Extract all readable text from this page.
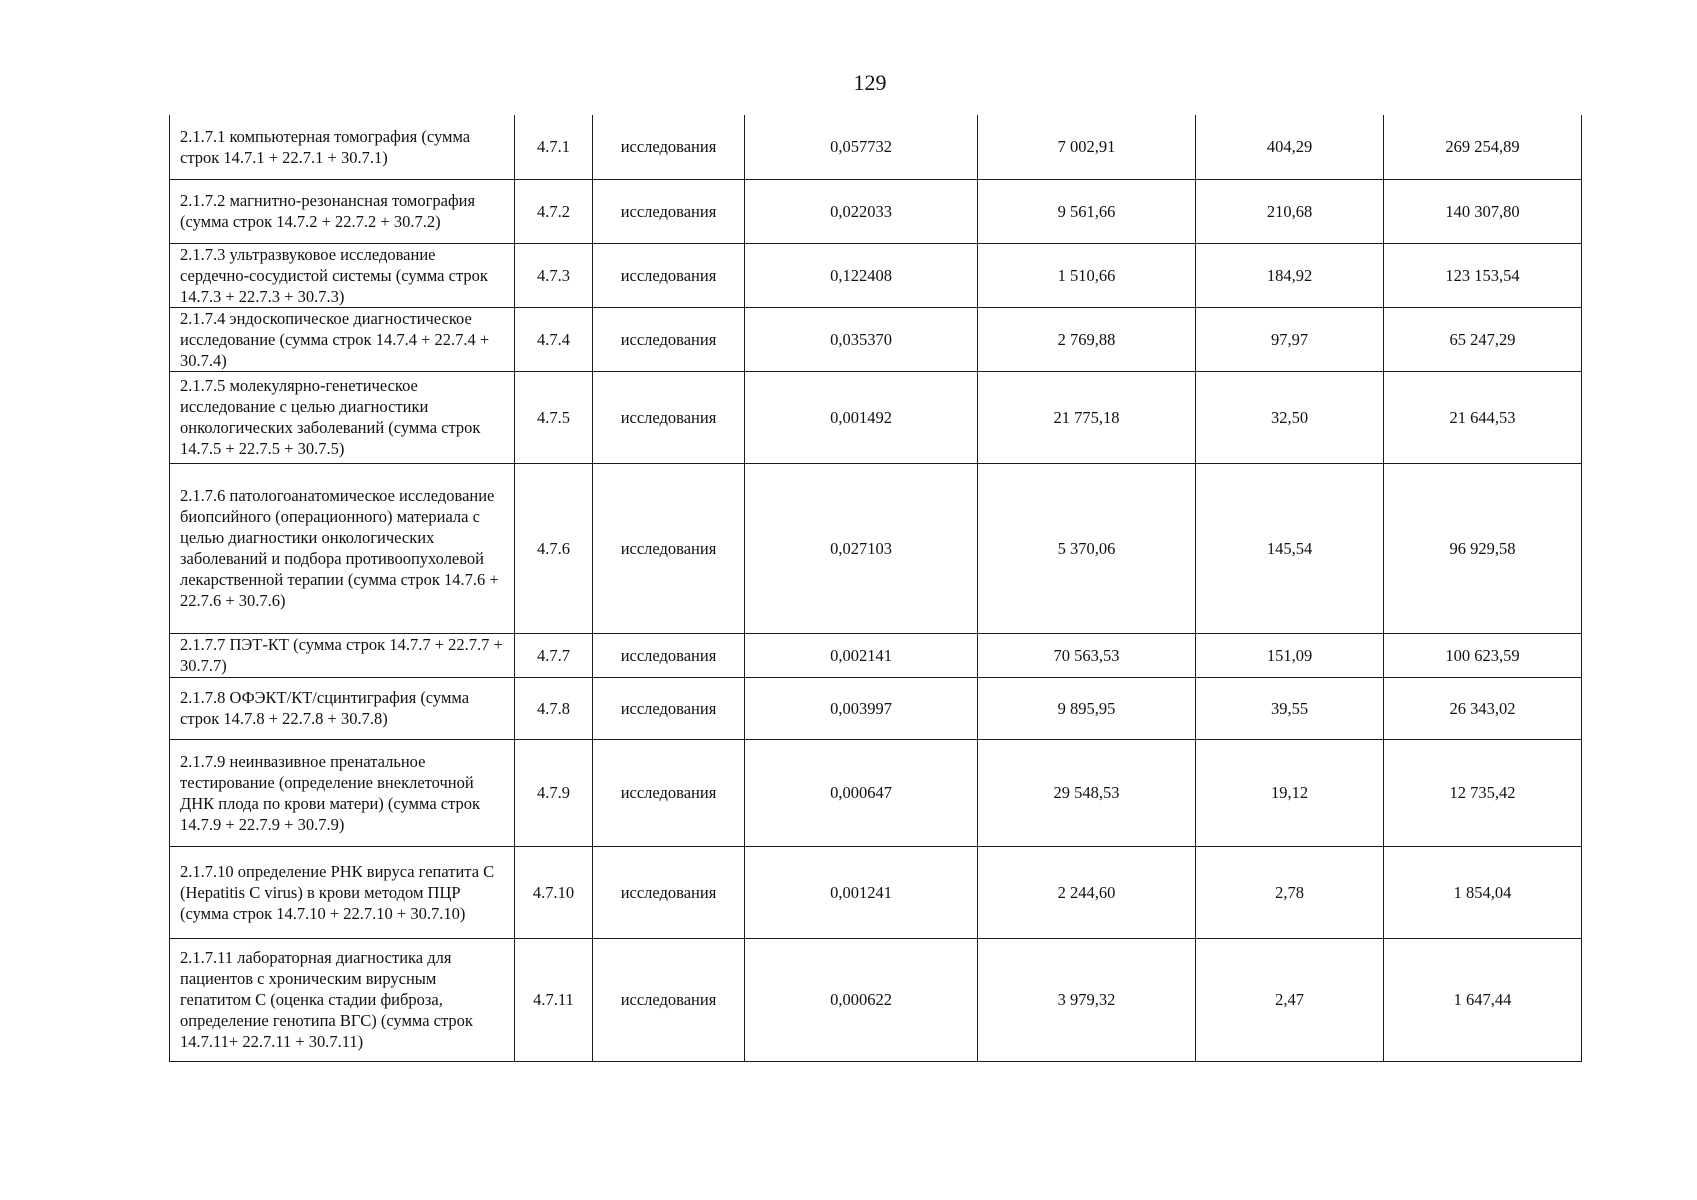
129
2.1.7.1 компьютерная томография (сумма строк 14.7.1 + 22.7.1 + 30.7.1)	4.7.1	исследования	0,057732	7 002,91	404,29	269 254,89
2.1.7.2 магнитно-резонансная томография (сумма строк 14.7.2 + 22.7.2 + 30.7.2)	4.7.2	исследования	0,022033	9 561,66	210,68	140 307,80
2.1.7.3 ультразвуковое исследование сердечно-сосудистой системы (сумма строк 14.7.3 + 22.7.3 + 30.7.3)	4.7.3	исследования	0,122408	1 510,66	184,92	123 153,54
2.1.7.4 эндоскопическое диагностическое исследование (сумма строк 14.7.4 + 22.7.4 + 30.7.4)	4.7.4	исследования	0,035370	2 769,88	97,97	65 247,29
2.1.7.5 молекулярно-генетическое исследование с целью диагностики онкологических заболеваний (сумма строк 14.7.5 + 22.7.5 + 30.7.5)	4.7.5	исследования	0,001492	21 775,18	32,50	21 644,53
2.1.7.6 патологоанатомическое исследование биопсийного (операционного) материала с целью диагностики онкологических заболеваний и подбора противоопухолевой лекарственной терапии (сумма строк 14.7.6 + 22.7.6 + 30.7.6)	4.7.6	исследования	0,027103	5 370,06	145,54	96 929,58
2.1.7.7 ПЭТ-КТ (сумма строк 14.7.7 + 22.7.7 + 30.7.7)	4.7.7	исследования	0,002141	70 563,53	151,09	100 623,59
2.1.7.8 ОФЭКТ/КТ/сцинтиграфия (сумма строк 14.7.8 + 22.7.8 + 30.7.8)	4.7.8	исследования	0,003997	9 895,95	39,55	26 343,02
2.1.7.9 неинвазивное пренатальное тестирование (определение внеклеточной ДНК плода по крови матери) (сумма строк 14.7.9 + 22.7.9 + 30.7.9)	4.7.9	исследования	0,000647	29 548,53	19,12	12 735,42
2.1.7.10 определение РНК вируса гепатита C (Hepatitis C virus) в крови методом ПЦР (сумма строк 14.7.10 + 22.7.10 + 30.7.10)	4.7.10	исследования	0,001241	2 244,60	2,78	1 854,04
2.1.7.11 лабораторная диагностика для пациентов с хроническим вирусным гепатитом C (оценка стадии фиброза, определение генотипа ВГС) (сумма строк 14.7.11+ 22.7.11 + 30.7.11)	4.7.11	исследования	0,000622	3 979,32	2,47	1 647,44
